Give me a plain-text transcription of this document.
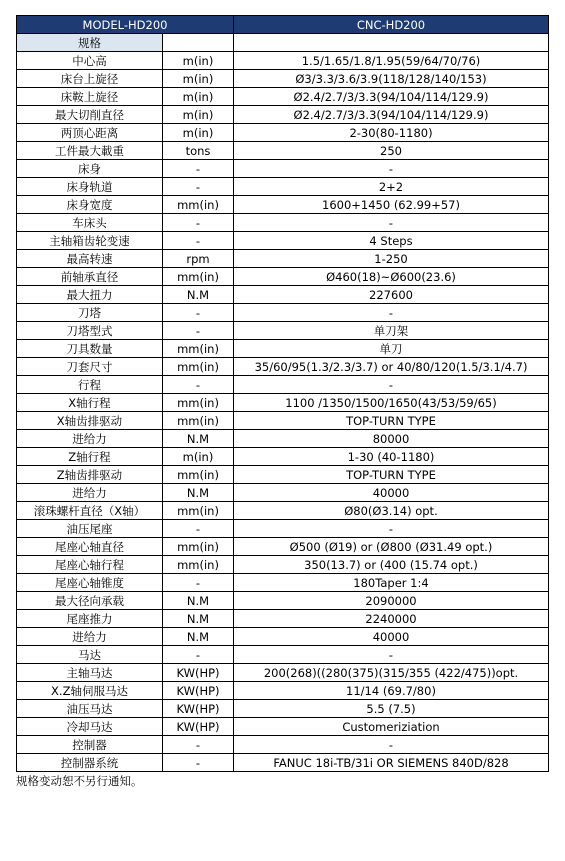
MODEL-HD200		CNC-HD200
规格		
中心高	m(in)	1.5/1.65/1.8/1.95(59/64/70/76)
床台上旋径	m(in)	Ø3/3.3/3.6/3.9(118/128/140/153)
床鞍上旋径	m(in)	Ø2.4/2.7/3/3.3(94/104/114/129.9)
最大切削直径	m(in)	Ø2.4/2.7/3/3.3(94/104/114/129.9)
两顶心距离	m(in)	2-30(80-1180)
工件最大載重	tons	250
床身	-	-
床身轨道	-	2+2
床身宽度	mm(in)	1600+1450 (62.99+57)
车床头	-	-
主轴箱齿轮变速	-	4 Steps
最高转速	rpm	1-250
前轴承直径	mm(in)	Ø460(18)~Ø600(23.6)
最大扭力	N.M	227600
刀塔	-	-
刀塔型式	-	单刀架
刀具数量	mm(in)	单刀
刀套尺寸	mm(in)	35/60/95(1.3/2.3/3.7) or 40/80/120(1.5/3.1/4.7)
行程	-	-
X轴行程	mm(in)	1100 /1350/1500/1650(43/53/59/65)
X轴齿排驱动	mm(in)	TOP-TURN TYPE
进给力	N.M	80000
Z轴行程	m(in)	1-30 (40-1180)
Z轴齿排驱动	mm(in)	TOP-TURN TYPE
进给力	N.M	40000
滚珠螺杆直径（X轴）	mm(in)	Ø80(Ø3.14) opt.
油压尾座	-	-
尾座心轴直径	mm(in)	Ø500 (Ø19) or (Ø800 (Ø31.49 opt.)
尾座心轴行程	mm(in)	350(13.7) or (400 (15.74 opt.)
尾座心轴锥度	-	180Taper 1:4
最大径向承载	N.M	2090000
尾座推力	N.M	2240000
进给力	N.M	40000
马达	-	-
主轴马达	KW(HP)	200(268)((280(375)(315/355 (422/475))opt.
X.Z轴伺服马达	KW(HP)	11/14 (69.7/80)
油压马达	KW(HP)	5.5 (7.5)
冷却马达	KW(HP)	Customeriziation
控制器	-	-
控制器系统	-	FANUC 18i-TB/31i OR SIEMENS 840D/828
规格变动恕不另行通知。
